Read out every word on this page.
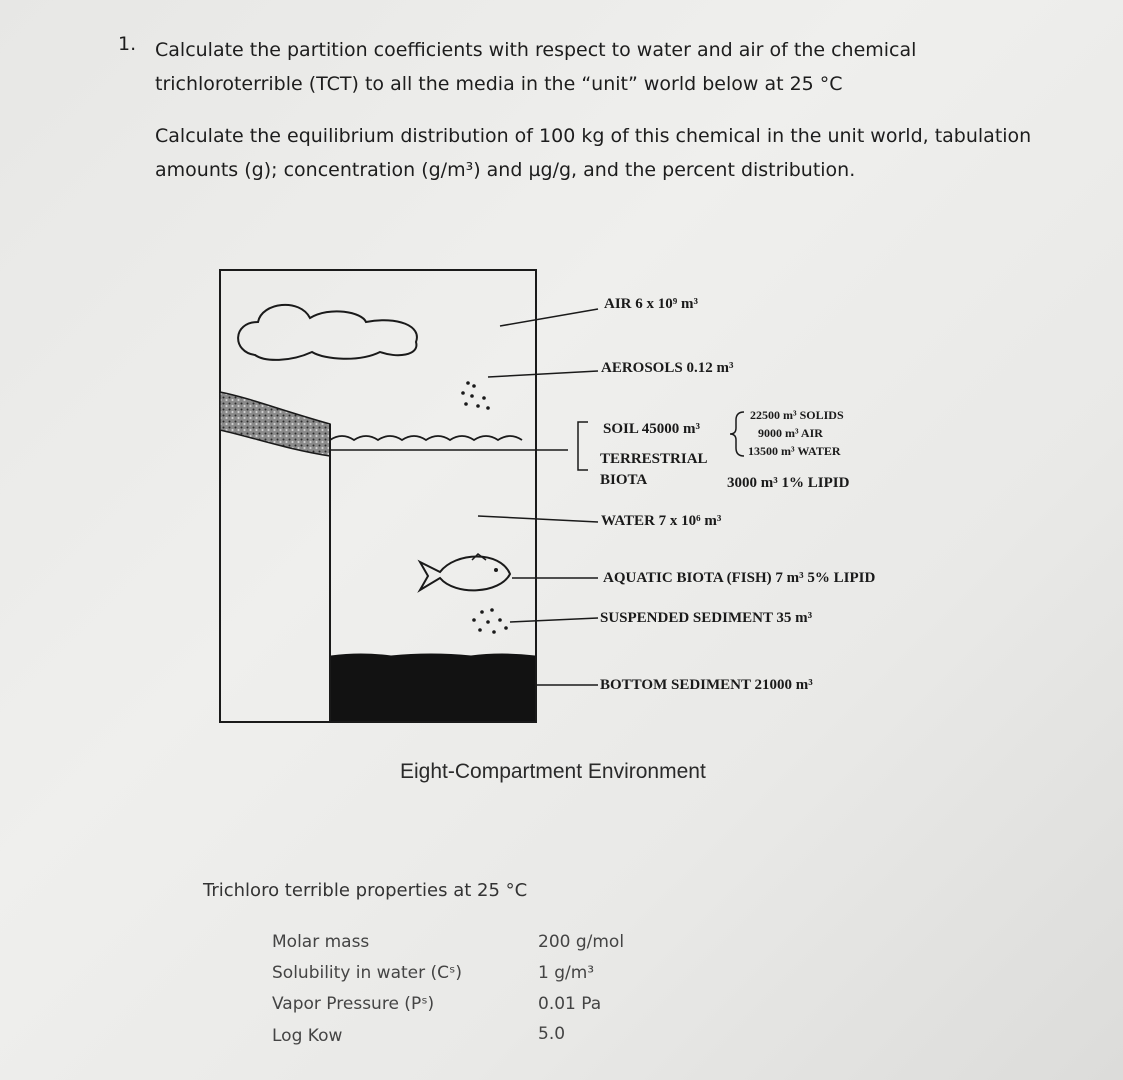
1. Calculate the partition coefficients with respect to water and air of the chemical
trichloroterrible (TCT) to all the media in the “unit” world below at 25 °C
Calculate the equilibrium distribution of 100 kg of this chemical in the unit world, tabulation
amounts (g); concentration (g/m³) and µg/g, and the percent distribution.
AIR 6 x 10⁹ m³
AEROSOLS 0.12 m³
SOIL 45000 m³
22500 m³ SOLIDS
9000 m³ AIR
13500 m³ WATER
TERRESTRIAL
BIOTA	3000 m³ 1% LIPID
WATER 7 x 10⁶ m³
AQUATIC BIOTA (FISH) 7 m³ 5% LIPID
SUSPENDED SEDIMENT 35 m³
BOTTOM SEDIMENT 21000 m³
Eight-Compartment Environment
Trichloro terrible properties at 25 °C
Molar mass	200 g/mol
Solubility in water (Cˢ)	1 g/m³
Vapor Pressure (Pˢ)	0.01 Pa
Log Kow	5.0
